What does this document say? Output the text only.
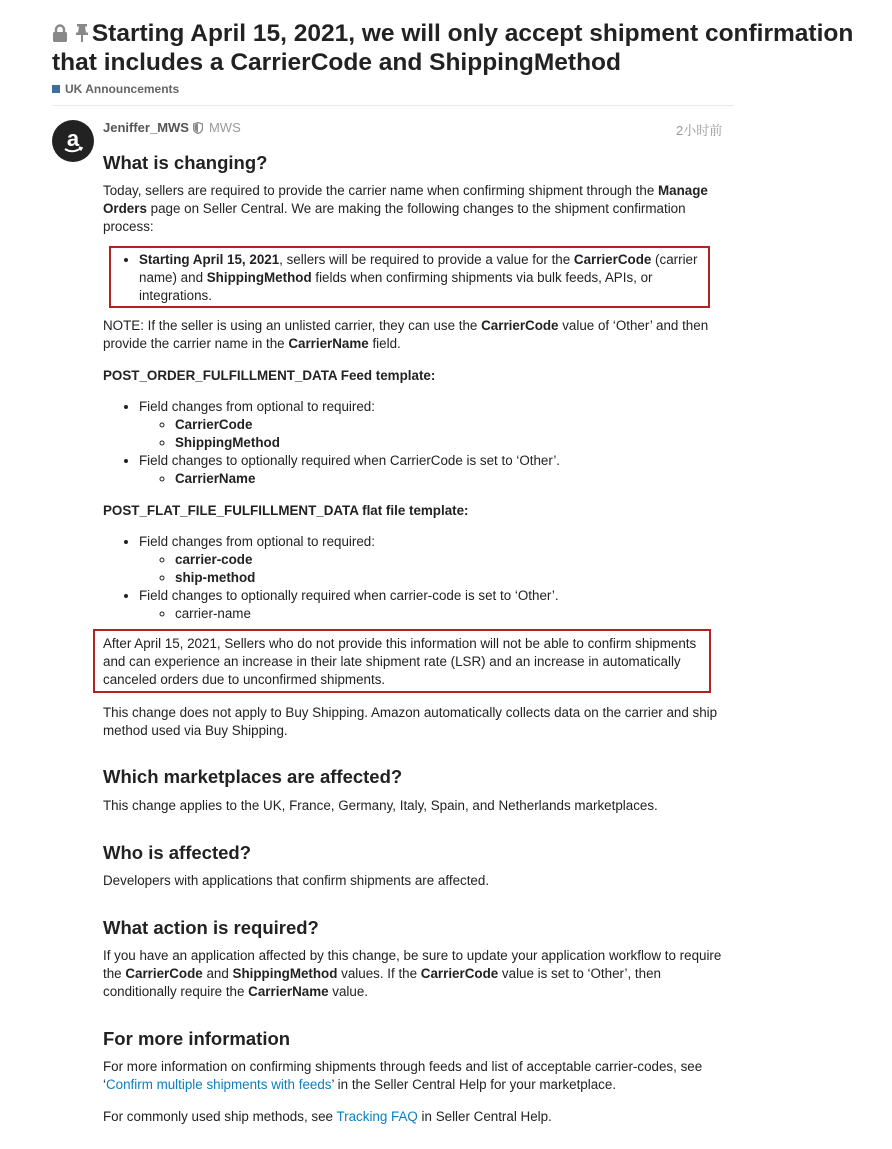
Starting April 15, 2021, we will only accept shipment confirmation that includes a CarrierCode and ShippingMethod
UK Announcements
a Jeniffer_MWS MWS	2小时前
What is changing?

Today, sellers are required to provide the carrier name when confirming shipment through the Manage Orders page on Seller Central. We are making the following changes to the shipment confirmation process:

• Starting April 15, 2021, sellers will be required to provide a value for the CarrierCode (carrier name) and ShippingMethod fields when confirming shipments via bulk feeds, APIs, or integrations.

NOTE: If the seller is using an unlisted carrier, they can use the CarrierCode value of ‘Other’ and then provide the carrier name in the CarrierName field.

POST_ORDER_FULFILLMENT_DATA Feed template:

• Field changes from optional to required:
◦ CarrierCode
◦ ShippingMethod
• Field changes to optionally required when CarrierCode is set to ‘Other’.
◦ CarrierName

POST_FLAT_FILE_FULFILLMENT_DATA flat file template:

• Field changes from optional to required:
◦ carrier-code
◦ ship-method
• Field changes to optionally required when carrier-code is set to ‘Other’.
◦ carrier-name

After April 15, 2021, Sellers who do not provide this information will not be able to confirm shipments and can experience an increase in their late shipment rate (LSR) and an increase in automatically canceled orders due to unconfirmed shipments.

This change does not apply to Buy Shipping. Amazon automatically collects data on the carrier and ship method used via Buy Shipping.

Which marketplaces are affected?

This change applies to the UK, France, Germany, Italy, Spain, and Netherlands marketplaces.

Who is affected?

Developers with applications that confirm shipments are affected.

What action is required?

If you have an application affected by this change, be sure to update your application workflow to require the CarrierCode and ShippingMethod values. If the CarrierCode value is set to ‘Other’, then conditionally require the CarrierName value.

For more information

For more information on confirming shipments through feeds and list of acceptable carrier-codes, see ‘Confirm multiple shipments with feeds’ in the Seller Central Help for your marketplace.

For commonly used ship methods, see Tracking FAQ in Seller Central Help.
